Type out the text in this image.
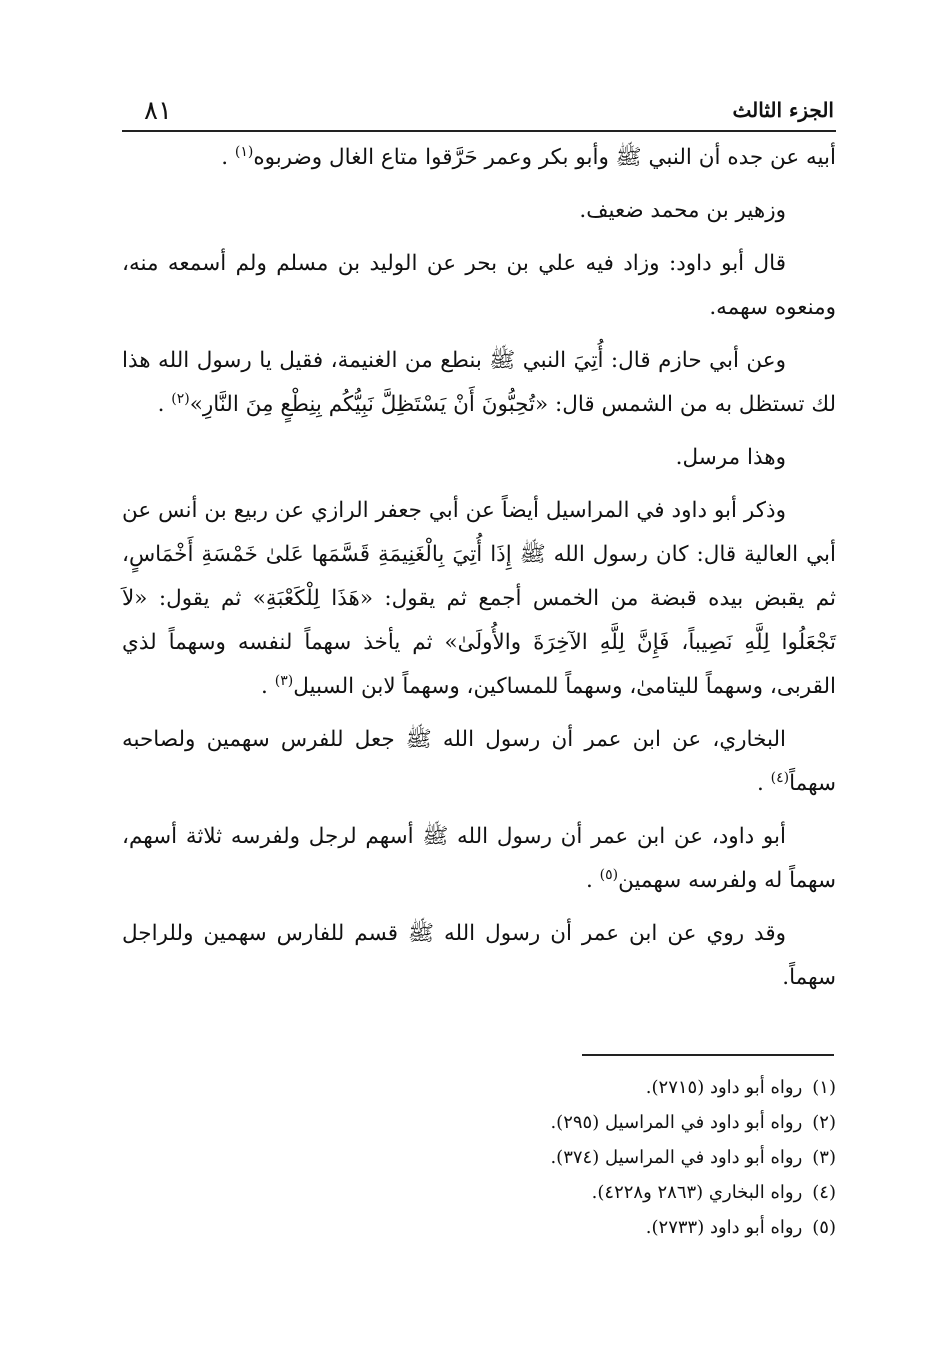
الجزء الثالث
٨١

أبيه عن جده أن النبي ﷺ وأبو بكر وعمر حَرَّقوا متاع الغال وضربوه$^{(١)}$ .

وزهير بن محمد ضعيف.

قال أبو داود: وزاد فيه علي بن بحر عن الوليد بن مسلم ولم أسمعه منه، ومنعوه سهمه.

وعن أبي حازم قال: أُتِيَ النبي ﷺ بنطع من الغنيمة، فقيل يا رسول الله هذا لك تستظل به من الشمس قال: «تُحِبُّونَ أَنْ يَسْتَظِلَّ نَبِيُّكُم بِنِطْعٍ مِنَ النَّارِ»$^{(٢)}$ .

وهذا مرسل.

وذكر أبو داود في المراسيل أيضاً عن أبي جعفر الرازي عن ربيع بن أنس عن أبي العالية قال: كان رسول الله ﷺ إِذَا أُتِيَ بِالْغَنِيمَةِ قَسَّمَها عَلىٰ خَمْسَةِ أَخْمَاسٍ، ثم يقبض بيده قبضة من الخمس أجمع ثم يقول: «هَذَا لِلْكَعْبَةِ» ثم يقول: «لاَ تَجْعَلُوا لِلَّهِ نَصِيباً، فَإِنَّ لِلَّهِ الآخِرَةَ والأُولَىٰ» ثم يأخذ سهماً لنفسه وسهماً لذي القربى، وسهماً لليتامىٰ، وسهماً للمساكين، وسهماً لابن السبيل$^{(٣)}$ .

البخاري، عن ابن عمر أن رسول الله ﷺ جعل للفرس سهمين ولصاحبه سهماً$^{(٤)}$ .

أبو داود، عن ابن عمر أن رسول الله ﷺ أسهم لرجل ولفرسه ثلاثة أسهم، سهماً له ولفرسه سهمين$^{(٥)}$ .

وقد روي عن ابن عمر أن رسول الله ﷺ قسم للفارس سهمين وللراجل سهماً.

(١)رواه أبو داود (٢٧١٥).
(٢)رواه أبو داود في المراسيل (٢٩٥).
(٣)رواه أبو داود في المراسيل (٣٧٤).
(٤)رواه البخاري (٢٨٦٣ و٤٢٢٨).
(٥)رواه أبو داود (٢٧٣٣).
